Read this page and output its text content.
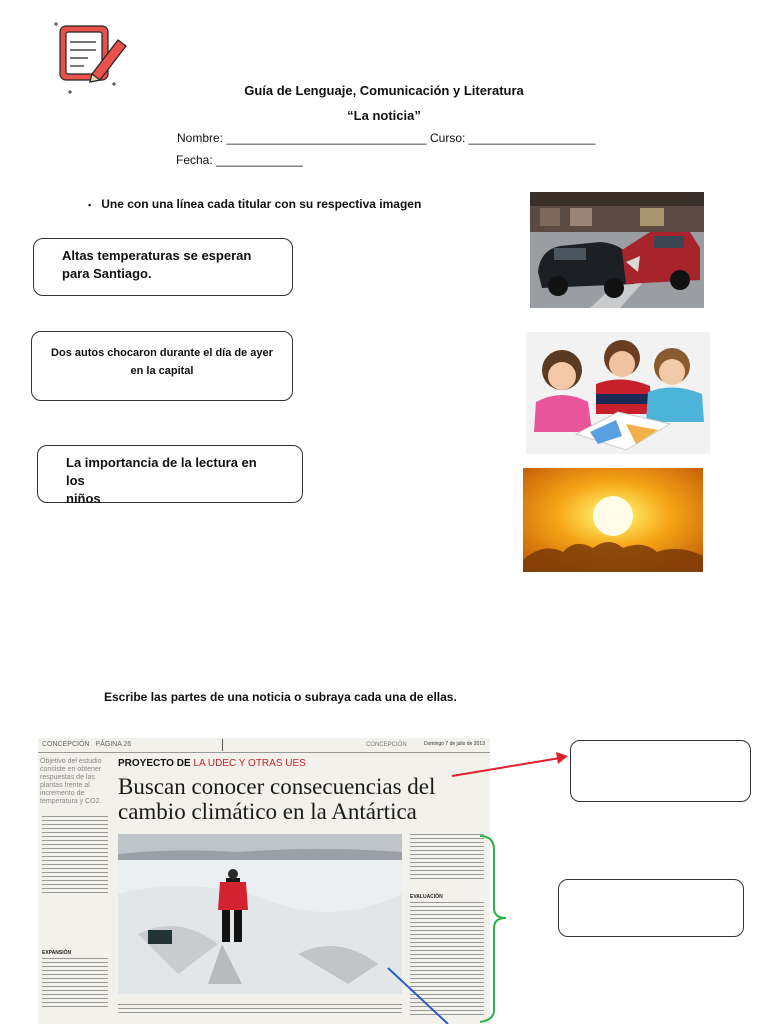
Guía de Lenguaje, Comunicación y Literatura
“La noticia”
Nombre: ______________________________ Curso: ___________________
Fecha: _____________
▪ Une con una línea cada titular con su respectiva imagen
Altas temperaturas se esperan
para Santiago.
Dos autos chocaron durante el día de ayer
en la capital
La importancia de la lectura en los
niños
Escribe las partes de una noticia o subraya cada una de ellas.
CONCEPCIÓN PÁGINA 26	CONCEPCIÓN	Domingo 7 de julio de 2013
Objetivo del estudio consiste en obtener respuestas de las plantas frente al incremento de temperatura y CO2.
PROYECTO DE LA UDEC Y OTRAS UES
Buscan conocer consecuencias del
cambio climático en la Antártica
EXPANSIÓN
EVALUACIÓN
